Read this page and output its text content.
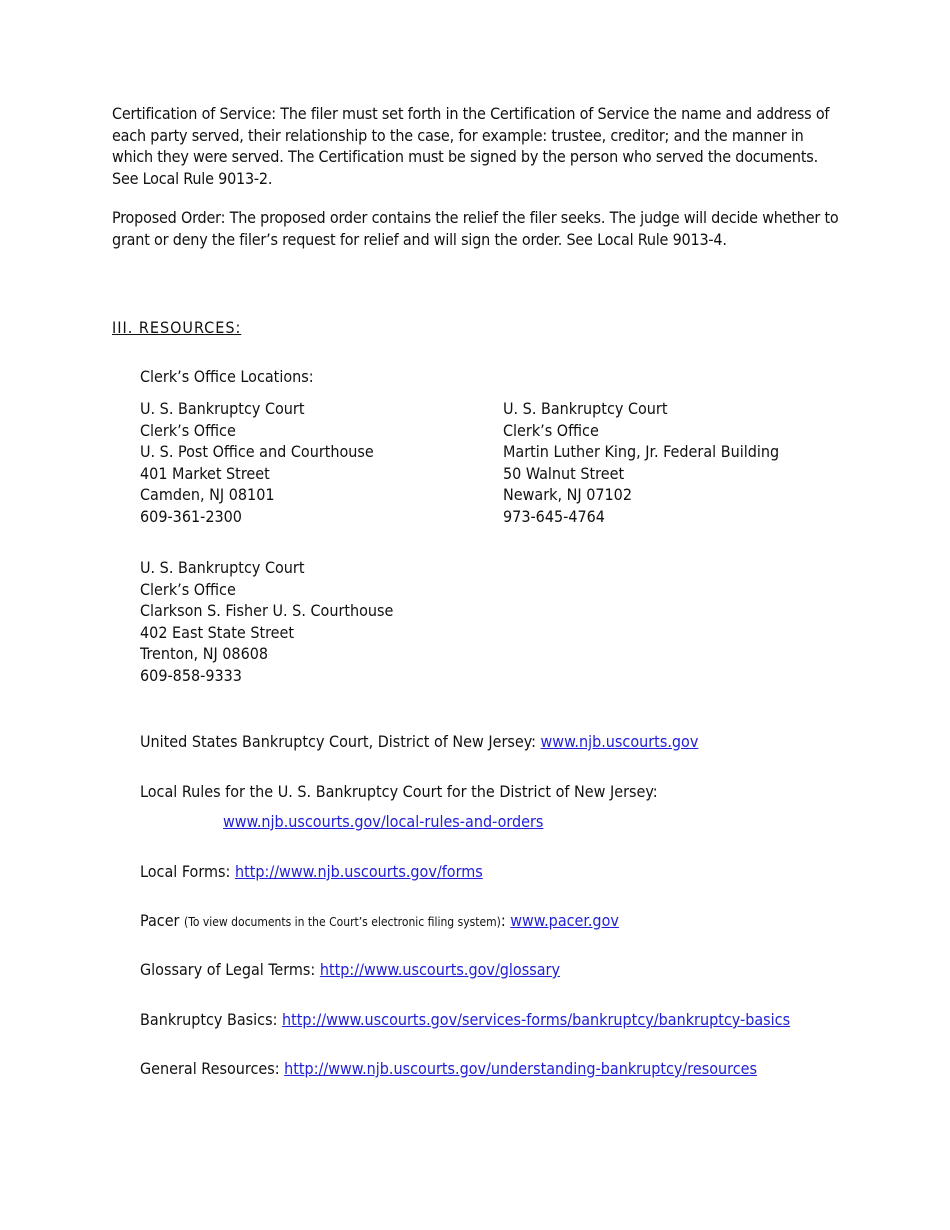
Certification of Service: The filer must set forth in the Certification of Service the name and address of each party served, their relationship to the case, for example: trustee, creditor; and the manner in which they were served. The Certification must be signed by the person who served the documents. See Local Rule 9013-2.
Proposed Order: The proposed order contains the relief the filer seeks. The judge will decide whether to grant or deny the filer’s request for relief and will sign the order. See Local Rule 9013-4.
III. RESOURCES:
Clerk’s Office Locations:
U. S. Bankruptcy Court
Clerk’s Office
U. S. Post Office and Courthouse
401 Market Street
Camden, NJ 08101
609-361-2300
U. S. Bankruptcy Court
Clerk’s Office
Martin Luther King, Jr. Federal Building
50 Walnut Street
Newark, NJ 07102
973-645-4764
U. S. Bankruptcy Court
Clerk’s Office
Clarkson S. Fisher U. S. Courthouse
402 East State Street
Trenton, NJ 08608
609-858-9333
United States Bankruptcy Court, District of New Jersey: www.njb.uscourts.gov
Local Rules for the U. S. Bankruptcy Court for the District of New Jersey:
www.njb.uscourts.gov/local-rules-and-orders
Local Forms: http://www.njb.uscourts.gov/forms
Pacer (To view documents in the Court’s electronic filing system): www.pacer.gov
Glossary of Legal Terms: http://www.uscourts.gov/glossary
Bankruptcy Basics: http://www.uscourts.gov/services-forms/bankruptcy/bankruptcy-basics
General Resources: http://www.njb.uscourts.gov/understanding-bankruptcy/resources
